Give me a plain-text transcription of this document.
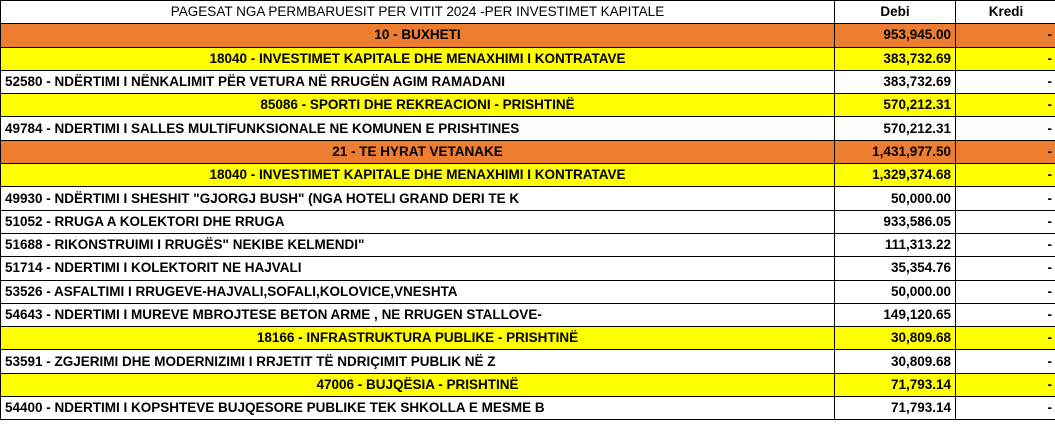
PAGESAT NGA PERMBARUESIT PER VITIT 2024 -PER INVESTIMET KAPITALE	Debi	Kredi
10 - BUXHETI	953,945.00	-
18040 - INVESTIMET KAPITALE DHE MENAXHIMI I KONTRATAVE	383,732.69	-
52580 - NDËRTIMI I NËNKALIMIT PËR VETURA NË RRUGËN AGIM RAMADANI	383,732.69	-
85086 - SPORTI DHE REKREACIONI - PRISHTINË	570,212.31	-
49784 - NDERTIMI I SALLES MULTIFUNKSIONALE NE KOMUNEN E PRISHTINES	570,212.31	-
21 - TE HYRAT VETANAKE	1,431,977.50	-
18040 - INVESTIMET KAPITALE DHE MENAXHIMI I KONTRATAVE	1,329,374.68	-
49930 - NDËRTIMI I SHESHIT "GJORGJ BUSH" (NGA HOTELI GRAND DERI TE K	50,000.00	-
51052 - RRUGA A KOLEKTORI DHE RRUGA	933,586.05	-
51688 - RIKONSTRUIMI I RRUGËS" NEKIBE KELMENDI"	111,313.22	-
51714 - NDERTIMI I KOLEKTORIT NE HAJVALI	35,354.76	-
53526 - ASFALTIMI I RRUGEVE-HAJVALI,SOFALI,KOLOVICE,VNESHTA	50,000.00	-
54643 - NDERTIMI I MUREVE MBROJTESE BETON ARME , NE RRUGEN STALLOVE-	149,120.65	-
18166 - INFRASTRUKTURA PUBLIKE - PRISHTINË	30,809.68	-
53591 - ZGJERIMI DHE MODERNIZIMI I RRJETIT TË NDRIÇIMIT PUBLIK NË Z	30,809.68	-
47006 - BUJQËSIA - PRISHTINË	71,793.14	-
54400 - NDERTIMI I KOPSHTEVE BUJQESORE PUBLIKE TEK SHKOLLA E MESME B	71,793.14	-
